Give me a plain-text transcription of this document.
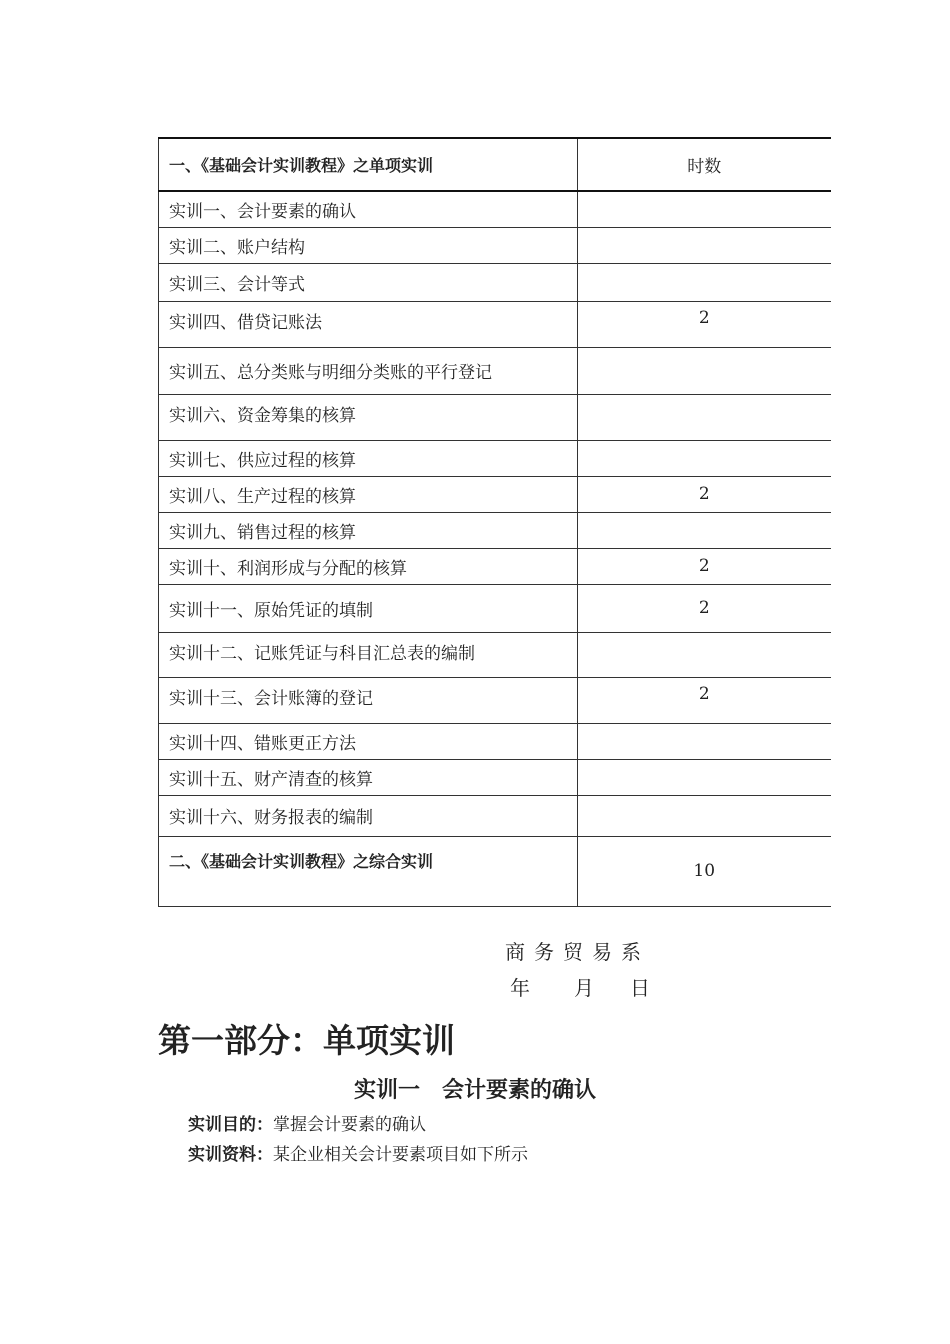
一、《基础会计实训教程》之单项实训	时数
实训一、会计要素的确认	
实训二、账户结构	
实训三、会计等式	
实训四、借贷记账法	2
实训五、总分类账与明细分类账的平行登记	
实训六、资金筹集的核算	
实训七、供应过程的核算	
实训八、生产过程的核算	2
实训九、销售过程的核算	
实训十、利润形成与分配的核算	2
实训十一、原始凭证的填制	2
实训十二、记账凭证与科目汇总表的编制	
实训十三、会计账簿的登记	2
实训十四、错账更正方法	
实训十五、财产清查的核算	
实训十六、财务报表的编制	
二、《基础会计实训教程》之综合实训	10
商务贸易系
年 月 日
第一部分：单项实训
实训一　会计要素的确认
实训目的：掌握会计要素的确认
实训资料：某企业相关会计要素项目如下所示
